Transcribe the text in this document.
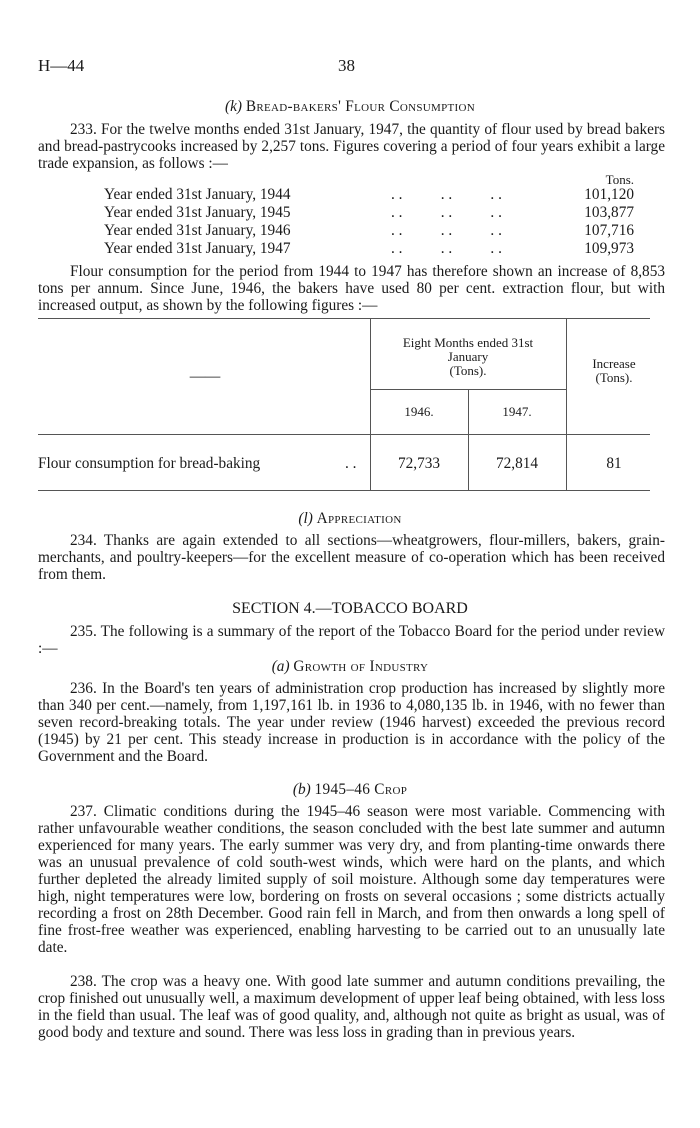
H—44	38
(k) Bread-bakers' Flour Consumption

233. For the twelve months ended 31st January, 1947, the quantity of flour used by bread bakers and bread-pastrycooks increased by 2,257 tons. Figures covering a period of four years exhibit a large trade expansion, as follows :—

Tons.
Year ended 31st January, 1944	. .          . .          . .	101,120
Year ended 31st January, 1945	. .          . .          . .	103,877
Year ended 31st January, 1946	. .          . .          . .	107,716
Year ended 31st January, 1947	. .          . .          . .	109,973

Flour consumption for the period from 1944 to 1947 has therefore shown an increase of 8,853 tons per annum. Since June, 1946, the bakers have used 80 per cent. extraction flour, but with increased output, as shown by the following figures :—

——
Eight Months ended 31st
January
(Tons).
1946.	1947.
Increase
(Tons).
Flour consumption for bread-baking	. .	72,733	72,814	81
(l) Appreciation

234. Thanks are again extended to all sections—wheatgrowers, flour-millers, bakers, grain-merchants, and poultry-keepers—for the excellent measure of co-operation which has been received from them.

SECTION 4.—TOBACCO BOARD

235. The following is a summary of the report of the Tobacco Board for the period under review :—

(a) Growth of Industry

236. In the Board's ten years of administration crop production has increased by slightly more than 340 per cent.—namely, from 1,197,161 lb. in 1936 to 4,080,135 lb. in 1946, with no fewer than seven record-breaking totals. The year under review (1946 harvest) exceeded the previous record (1945) by 21 per cent. This steady increase in production is in accordance with the policy of the Government and the Board.

(b) 1945–46 Crop

237. Climatic conditions during the 1945–46 season were most variable. Commencing with rather unfavourable weather conditions, the season concluded with the best late summer and autumn experienced for many years. The early summer was very dry, and from planting-time onwards there was an unusual prevalence of cold south-west winds, which were hard on the plants, and which further depleted the already limited supply of soil moisture. Although some day temperatures were high, night temperatures were low, bordering on frosts on several occasions ; some districts actually recording a frost on 28th December. Good rain fell in March, and from then onwards a long spell of fine frost-free weather was experienced, enabling harvesting to be carried out to an unusually late date.

238. The crop was a heavy one. With good late summer and autumn conditions prevailing, the crop finished out unusually well, a maximum development of upper leaf being obtained, with less loss in the field than usual. The leaf was of good quality, and, although not quite as bright as usual, was of good body and texture and sound. There was less loss in grading than in previous years.
